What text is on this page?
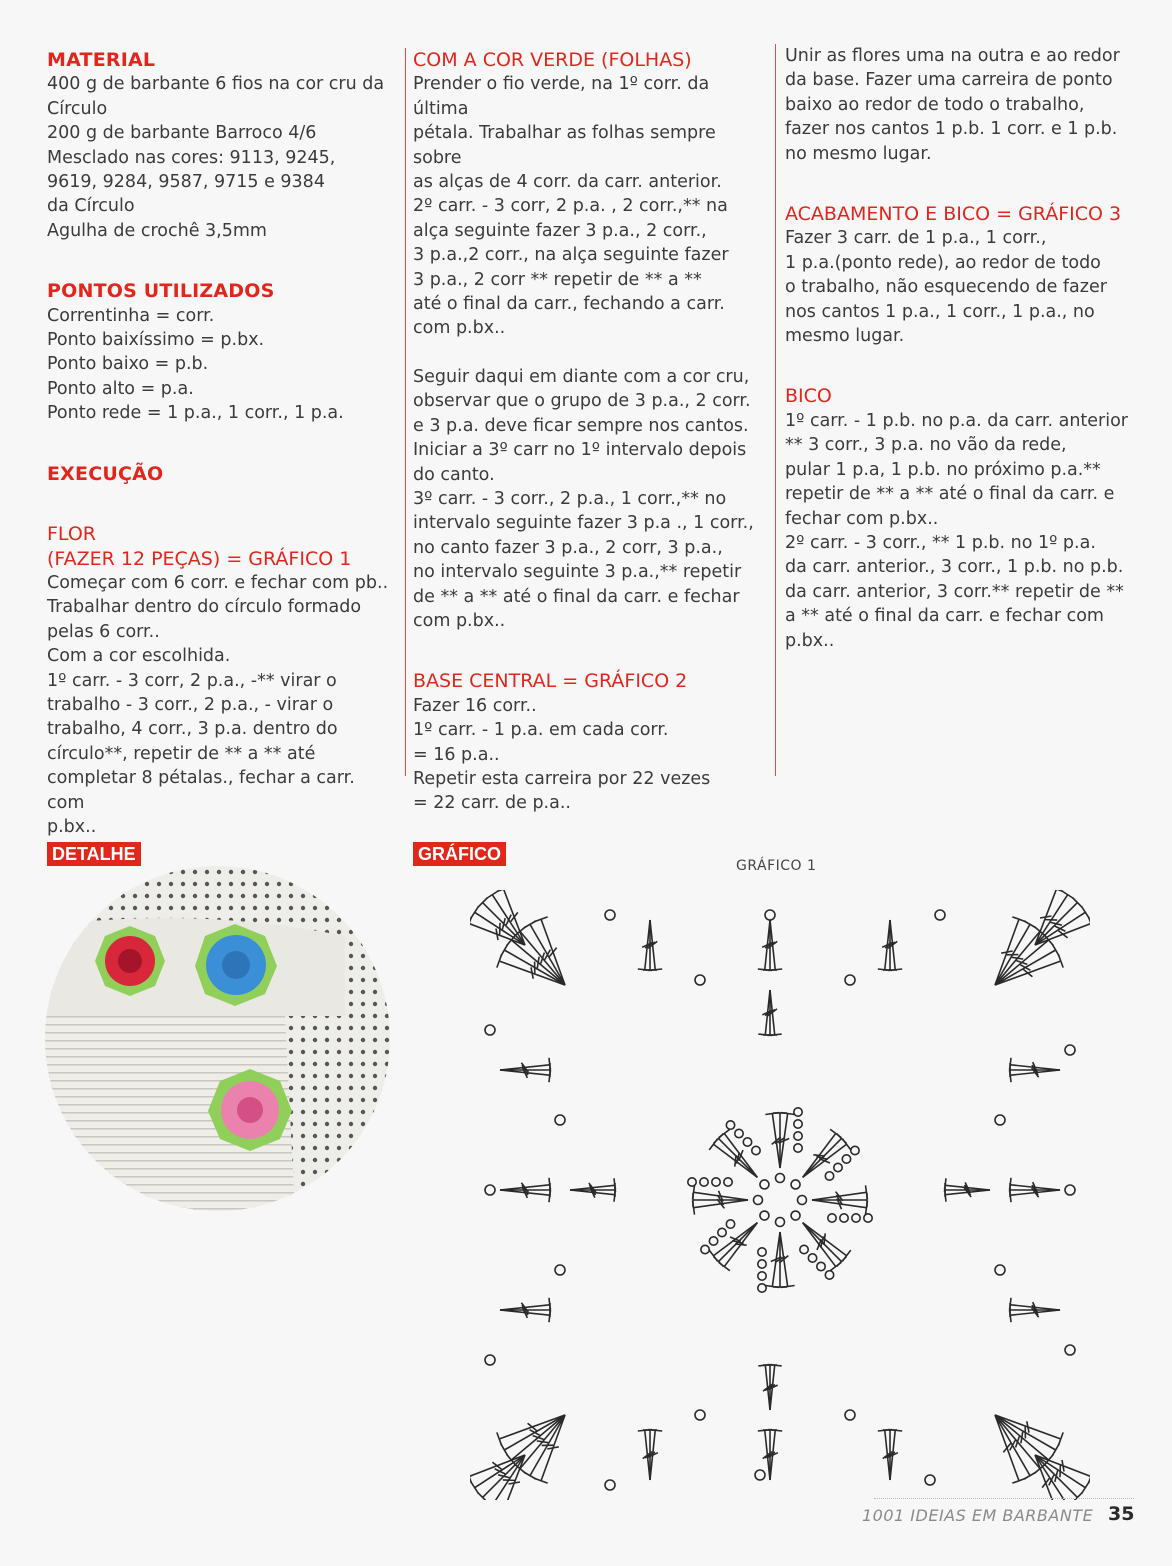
MATERIAL

400 g de barbante 6 fios na cor cru da
Círculo
200 g de barbante Barroco 4/6
Mesclado nas cores: 9113, 9245,
9619, 9284, 9587, 9715 e 9384
da Círculo
Agulha de crochê 3,5mm

PONTOS UTILIZADOS

Correntinha = corr.
Ponto baixíssimo = p.bx.
Ponto baixo = p.b.
Ponto alto = p.a.
Ponto rede = 1 p.a., 1 corr., 1 p.a.

EXECUÇÃO

FLOR
(FAZER 12 PEÇAS) = GRÁFICO 1

Começar com 6 corr. e fechar com pb..
Trabalhar dentro do círculo formado
pelas 6 corr..
Com a cor escolhida.
1º carr. - 3 corr, 2 p.a., -** virar o
trabalho - 3 corr., 2 p.a., - virar o
trabalho, 4 corr., 3 p.a. dentro do
círculo**, repetir de ** a ** até
completar 8 pétalas., fechar a carr. com
p.bx..

COM A COR VERDE (FOLHAS)

Prender o fio verde, na 1º corr. da última
pétala. Trabalhar as folhas sempre sobre
as alças de 4 corr. da carr. anterior.
2º carr. - 3 corr, 2 p.a. , 2 corr.,** na
alça seguinte fazer 3 p.a., 2 corr.,
3 p.a.,2 corr., na alça seguinte fazer
3 p.a., 2 corr ** repetir de ** a **
até o final da carr., fechando a carr.
com p.bx..

Seguir daqui em diante com a cor cru,
observar que o grupo de 3 p.a., 2 corr.
e 3 p.a. deve ficar sempre nos cantos.
Iniciar a 3º carr no 1º intervalo depois
do canto.
3º carr. - 3 corr., 2 p.a., 1 corr.,** no
intervalo seguinte fazer 3 p.a ., 1 corr.,
no canto fazer 3 p.a., 2 corr, 3 p.a.,
no intervalo seguinte 3 p.a.,** repetir
de ** a ** até o final da carr. e fechar
com p.bx..

BASE CENTRAL = GRÁFICO 2

Fazer 16 corr..
1º carr. - 1 p.a. em cada corr.
= 16 p.a..
Repetir esta carreira por 22 vezes
= 22 carr. de p.a..

Unir as flores uma na outra e ao redor
da base. Fazer uma carreira de ponto
baixo ao redor de todo o trabalho,
fazer nos cantos 1 p.b. 1 corr. e 1 p.b.
no mesmo lugar.

ACABAMENTO E BICO = GRÁFICO 3

Fazer 3 carr. de 1 p.a., 1 corr.,
1 p.a.(ponto rede), ao redor de todo
o trabalho, não esquecendo de fazer
nos cantos 1 p.a., 1 corr., 1 p.a., no
mesmo lugar.

BICO

1º carr. - 1 p.b. no p.a. da carr. anterior
** 3 corr., 3 p.a. no vão da rede,
pular 1 p.a, 1 p.b. no próximo p.a.**
repetir de ** a ** até o final da carr. e
fechar com p.bx..
2º carr. - 3 corr., ** 1 p.b. no 1º p.a.
da carr. anterior., 3 corr., 1 p.b. no p.b.
da carr. anterior, 3 corr.** repetir de **
a ** até o final da carr. e fechar com
p.bx..

DETALHE	GRÁFICO
GRÁFICO 1
1001 IDEIAS EM BARBANTE 35
